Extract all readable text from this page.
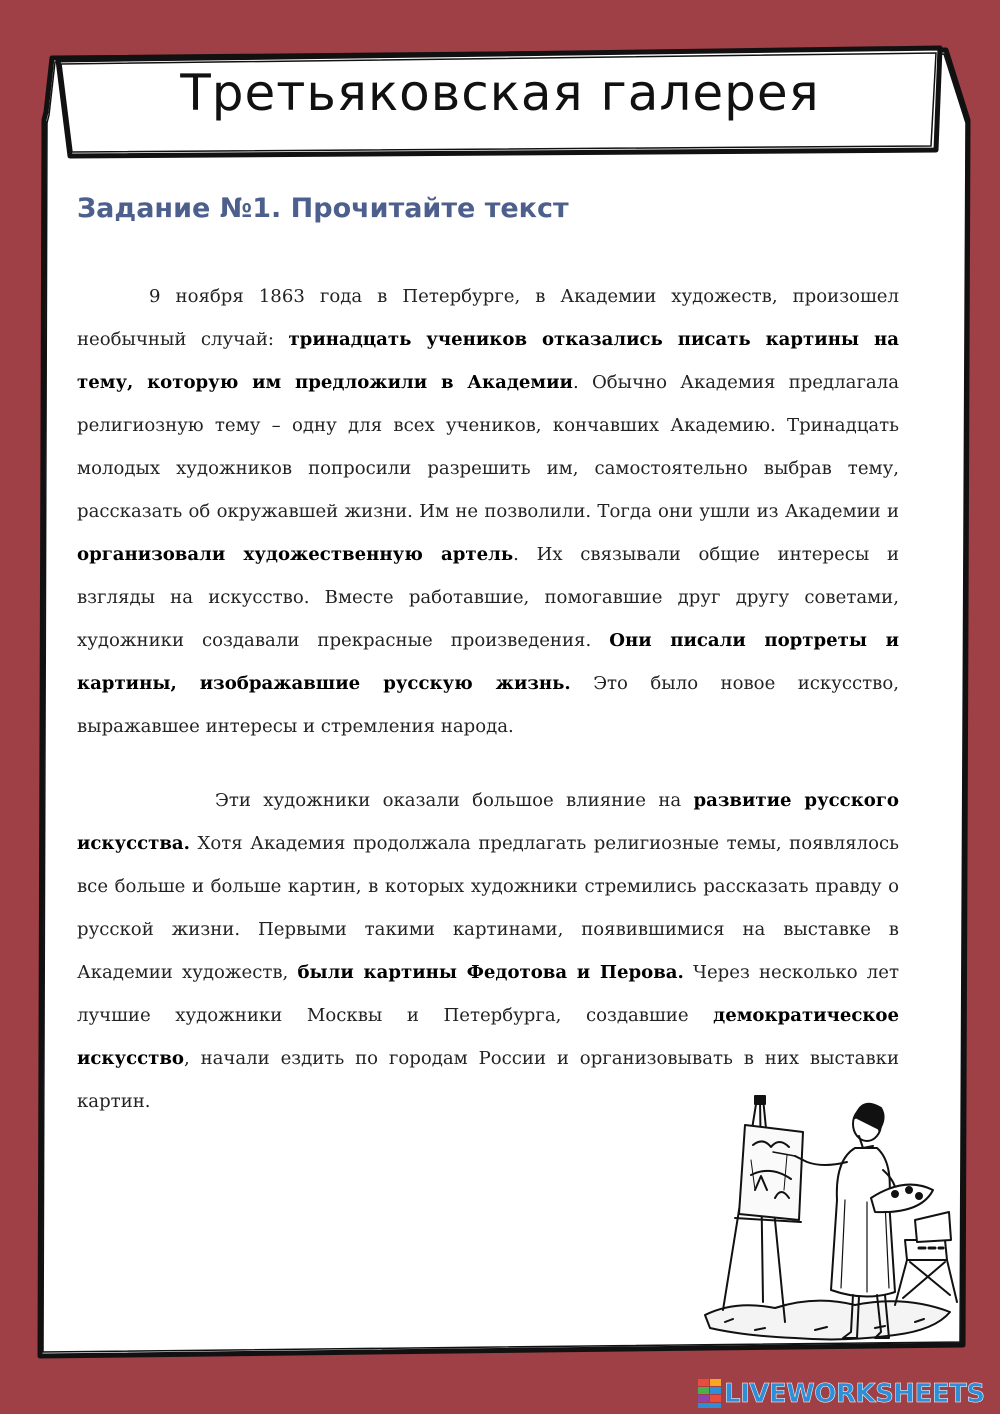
Третьяковская галерея
Задание №1. Прочитайте текст

9 ноября 1863 года в Петербурге, в Академии художеств, произошел необычный случай: тринадцать учеников отказались писать картины на тему, которую им предложили в Академии. Обычно Академия предлагала религиозную тему – одну для всех учеников, кончавших Академию. Тринадцать молодых художников попросили разрешить им, самостоятельно выбрав тему, рассказать об окружавшей жизни. Им не позволили. Тогда они ушли из Академии и организовали художественную артель. Их связывали общие интересы и взгляды на искусство. Вместе работавшие, помогавшие друг другу советами, художники создавали прекрасные произведения. Они писали портреты и картины, изображавшие русскую жизнь. Это было новое искусство, выражавшее интересы и стремления народа.

Эти художники оказали большое влияние на развитие русского искусства. Хотя Академия продолжала предлагать религиозные темы, появлялось все больше и больше картин, в которых художники стремились рассказать правду о русской жизни. Первыми такими картинами, появившимися на выставке в Академии художеств, были картины Федотова и Перова. Через несколько лет лучшие художники Москвы и Петербурга, создавшие демократическое искусство, начали ездить по городам России и организовывать в них выставки картин.

LIVEWORKSHEETS
